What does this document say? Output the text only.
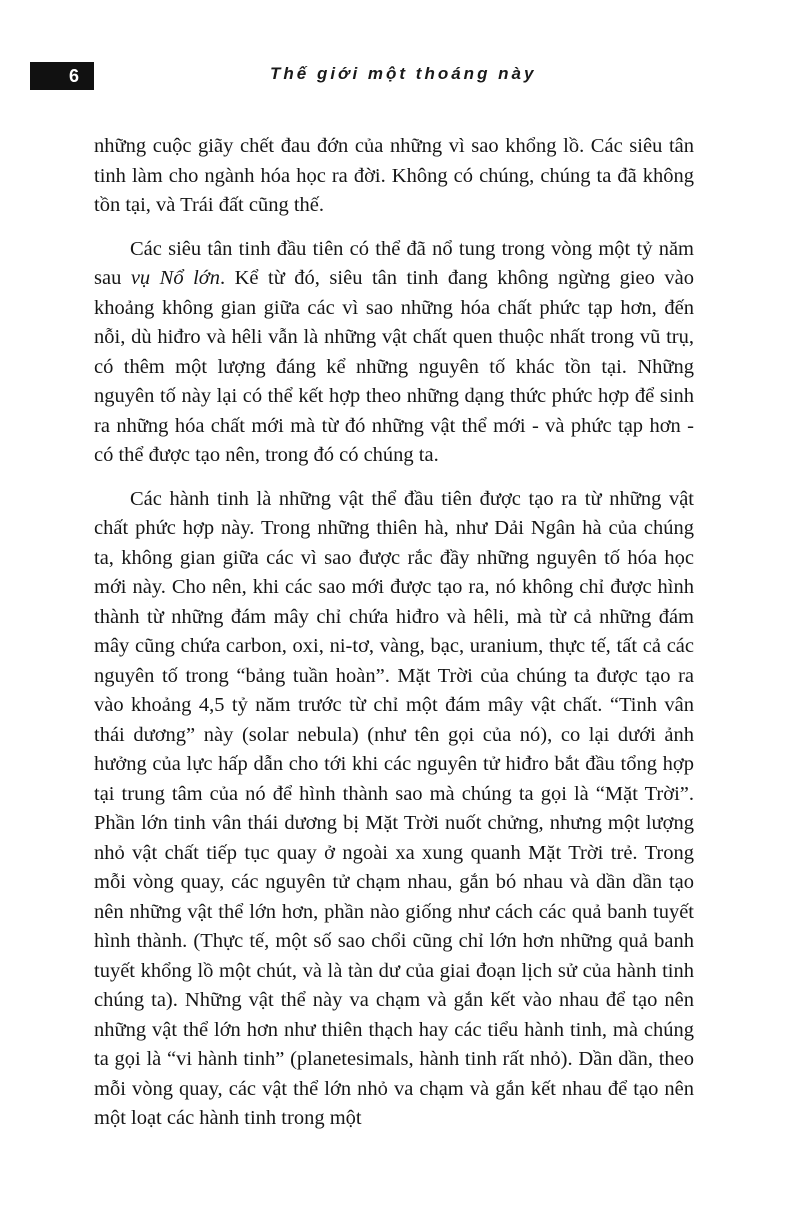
6	Thế giới một thoáng này

những cuộc giãy chết đau đớn của những vì sao khổng lồ. Các siêu tân tinh làm cho ngành hóa học ra đời. Không có chúng, chúng ta đã không tồn tại, và Trái đất cũng thế.

Các siêu tân tinh đầu tiên có thể đã nổ tung trong vòng một tỷ năm sau vụ Nổ lớn. Kể từ đó, siêu tân tinh đang không ngừng gieo vào khoảng không gian giữa các vì sao những hóa chất phức tạp hơn, đến nỗi, dù hiđro và hêli vẫn là những vật chất quen thuộc nhất trong vũ trụ, có thêm một lượng đáng kể những nguyên tố khác tồn tại. Những nguyên tố này lại có thể kết hợp theo những dạng thức phức hợp để sinh ra những hóa chất mới mà từ đó những vật thể mới - và phức tạp hơn - có thể được tạo nên, trong đó có chúng ta.

Các hành tinh là những vật thể đầu tiên được tạo ra từ những vật chất phức hợp này. Trong những thiên hà, như Dải Ngân hà của chúng ta, không gian giữa các vì sao được rắc đầy những nguyên tố hóa học mới này. Cho nên, khi các sao mới được tạo ra, nó không chỉ được hình thành từ những đám mây chỉ chứa hiđro và hêli, mà từ cả những đám mây cũng chứa carbon, oxi, ni-tơ, vàng, bạc, uranium, thực tế, tất cả các nguyên tố trong “bảng tuần hoàn”. Mặt Trời của chúng ta được tạo ra vào khoảng 4,5 tỷ năm trước từ chỉ một đám mây vật chất. “Tinh vân thái dương” này (solar nebula) (như tên gọi của nó), co lại dưới ảnh hưởng của lực hấp dẫn cho tới khi các nguyên tử hiđro bắt đầu tổng hợp tại trung tâm của nó để hình thành sao mà chúng ta gọi là “Mặt Trời”. Phần lớn tinh vân thái dương bị Mặt Trời nuốt chửng, nhưng một lượng nhỏ vật chất tiếp tục quay ở ngoài xa xung quanh Mặt Trời trẻ. Trong mỗi vòng quay, các nguyên tử chạm nhau, gắn bó nhau và dần dần tạo nên những vật thể lớn hơn, phần nào giống như cách các quả banh tuyết hình thành. (Thực tế, một số sao chổi cũng chỉ lớn hơn những quả banh tuyết khổng lồ một chút, và là tàn dư của giai đoạn lịch sử của hành tinh chúng ta). Những vật thể này va chạm và gắn kết vào nhau để tạo nên những vật thể lớn hơn như thiên thạch hay các tiểu hành tinh, mà chúng ta gọi là “vi hành tinh” (planetesimals, hành tinh rất nhỏ). Dần dần, theo mỗi vòng quay, các vật thể lớn nhỏ va chạm và gắn kết nhau để tạo nên một loạt các hành tinh trong một
